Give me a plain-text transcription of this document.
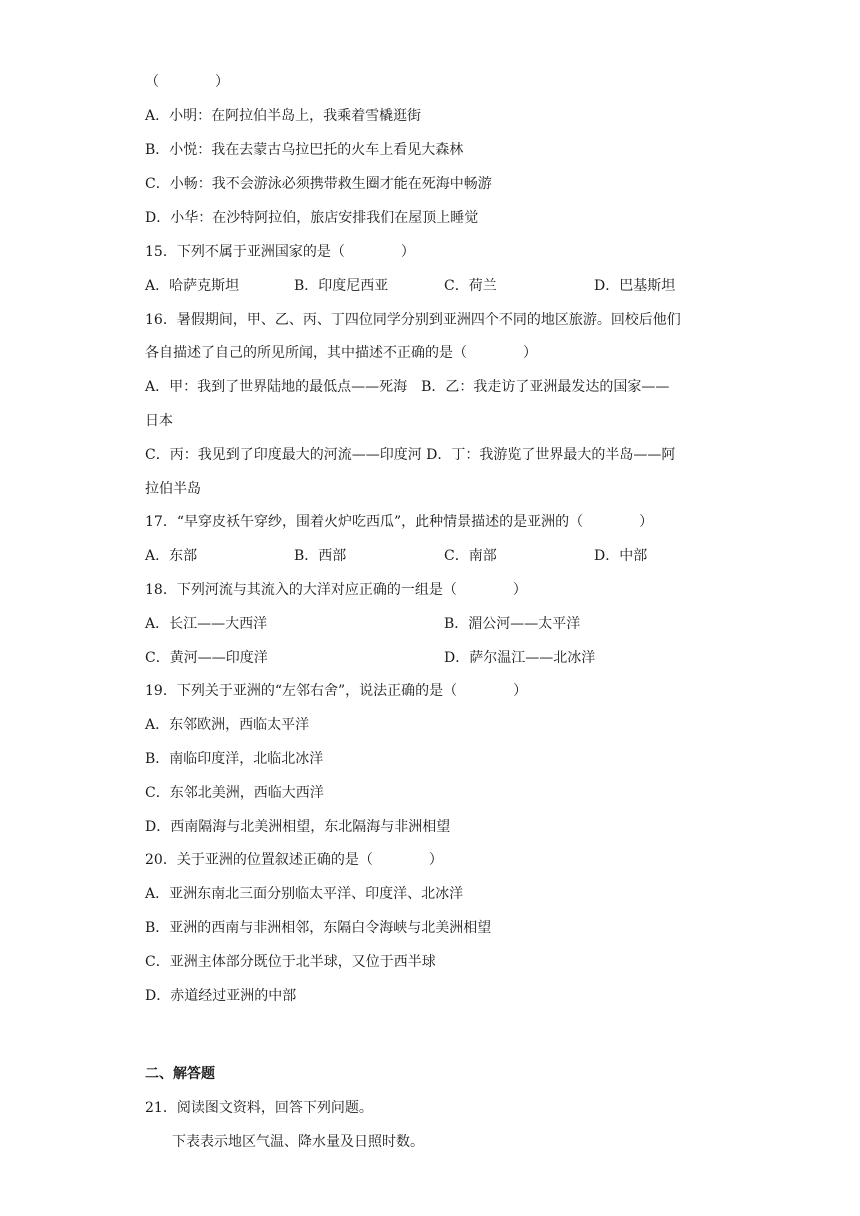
（　　　　）
A．小明：在阿拉伯半岛上，我乘着雪橇逛街
B．小悦：我在去蒙古乌拉巴托的火车上看见大森林
C．小畅：我不会游泳必须携带救生圈才能在死海中畅游
D．小华：在沙特阿拉伯，旅店安排我们在屋顶上睡觉
15．下列不属于亚洲国家的是（　　　　）
A．哈萨克斯坦	B．印度尼西亚	C．荷兰	D．巴基斯坦
16．暑假期间，甲、乙、丙、丁四位同学分别到亚洲四个不同的地区旅游。回校后他们
各自描述了自己的所见所闻，其中描述不正确的是（　　　　）
A．甲：我到了世界陆地的最低点——死海　B．乙：我走访了亚洲最发达的国家——
日本
C．丙：我见到了印度最大的河流——印度河 D．丁：我游览了世界最大的半岛——阿
拉伯半岛
17．“早穿皮袄午穿纱，围着火炉吃西瓜”，此种情景描述的是亚洲的（　　　　）
A．东部	B．西部	C．南部	D．中部
18．下列河流与其流入的大洋对应正确的一组是（　　　　）
A．长江——大西洋	B．湄公河——太平洋
C．黄河——印度洋	D．萨尔温江——北冰洋
19．下列关于亚洲的“左邻右舍”，说法正确的是（　　　　）
A．东邻欧洲，西临太平洋
B．南临印度洋，北临北冰洋
C．东邻北美洲，西临大西洋
D．西南隔海与北美洲相望，东北隔海与非洲相望
20．关于亚洲的位置叙述正确的是（　　　　）
A．亚洲东南北三面分别临太平洋、印度洋、北冰洋
B．亚洲的西南与非洲相邻，东隔白令海峡与北美洲相望
C．亚洲主体部分既位于北半球，又位于西半球
D．赤道经过亚洲的中部
二、解答题
21．阅读图文资料，回答下列问题。
下表表示地区气温、降水量及日照时数。
